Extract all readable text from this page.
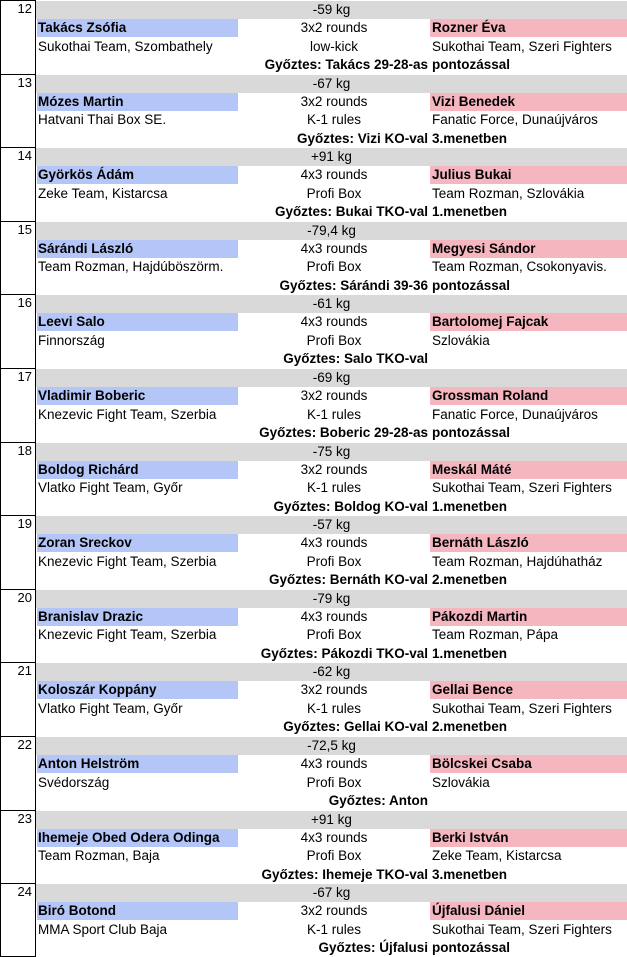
12	-59 kg
Takács Zsófia	3x2 rounds	Rozner Éva
Sukothai Team, Szombathely	low-kick	Sukothai Team, Szeri Fighters
Győztes: Takács 29-28-as pontozással
13	-67 kg
Mózes Martin	3x2 rounds	Vizi Benedek
Hatvani Thai Box SE.	K-1 rules	Fanatic Force, Dunaújváros
Győztes: Vizi KO-val 3.menetben
14	+91 kg
Györkös Ádám	4x3 rounds	Julius Bukai
Zeke Team, Kistarcsa	Profi Box	Team Rozman, Szlovákia
Győztes: Bukai TKO-val 1.menetben
15	-79,4 kg
Sárándi László	4x3 rounds	Megyesi Sándor
Team Rozman, Hajdúböszörm.	Profi Box	Team Rozman, Csokonyavis.
Győztes: Sárándi 39-36 pontozással
16	-61 kg
Leevi Salo	4x3 rounds	Bartolomej Fajcak
Finnország	Profi Box	Szlovákia
Győztes: Salo TKO-val
17	-69 kg
Vladimir Boberic	3x2 rounds	Grossman Roland
Knezevic Fight Team, Szerbia	K-1 rules	Fanatic Force, Dunaújváros
Győztes: Boberic 29-28-as pontozással
18	-75 kg
Boldog Richárd	3x2 rounds	Meskál Máté
Vlatko Fight Team, Győr	K-1 rules	Sukothai Team, Szeri Fighters
Győztes: Boldog KO-val 1.menetben
19	-57 kg
Zoran Sreckov	4x3 rounds	Bernáth László
Knezevic Fight Team, Szerbia	Profi Box	Team Rozman, Hajdúhatház
Győztes: Bernáth KO-val 2.menetben
20	-79 kg
Branislav Drazic	4x3 rounds	Pákozdi Martin
Knezevic Fight Team, Szerbia	Profi Box	Team Rozman, Pápa
Győztes: Pákozdi TKO-val 1.menetben
21	-62 kg
Koloszár Koppány	3x2 rounds	Gellai Bence
Vlatko Fight Team, Győr	K-1 rules	Sukothai Team, Szeri Fighters
Győztes: Gellai KO-val 2.menetben
22	-72,5 kg
Anton Helström	4x3 rounds	Bölcskei Csaba
Svédország	Profi Box	Szlovákia
Győztes: Anton
23	+91 kg
Ihemeje Obed Odera Odinga	4x3 rounds	Berki István
Team Rozman, Baja	Profi Box	Zeke Team, Kistarcsa
Győztes: Ihemeje TKO-val 3.menetben
24	-67 kg
Biró Botond	3x2 rounds	Újfalusi Dániel
MMA Sport Club Baja	K-1 rules	Sukothai Team, Szeri Fighters
Győztes: Újfalusi pontozással
